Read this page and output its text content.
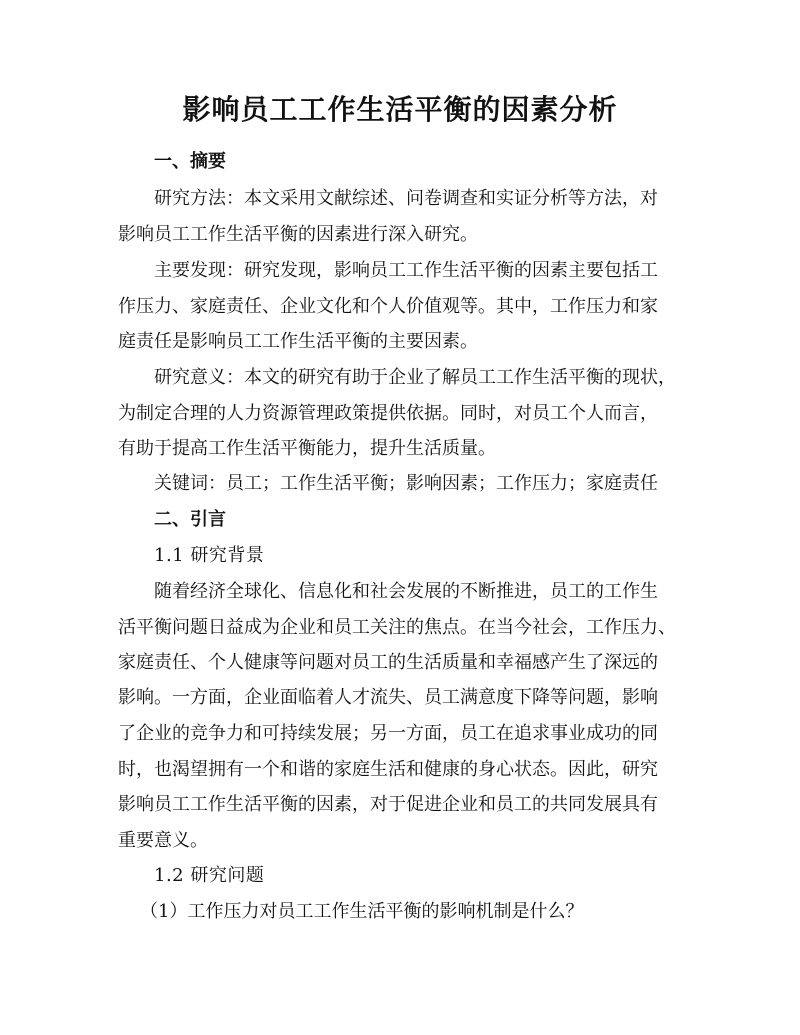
影响员工工作生活平衡的因素分析
一、摘要
研究方法：本文采用文献综述、问卷调查和实证分析等方法，对
影响员工工作生活平衡的因素进行深入研究。
主要发现：研究发现，影响员工工作生活平衡的因素主要包括工
作压力、家庭责任、企业文化和个人价值观等。其中，工作压力和家
庭责任是影响员工工作生活平衡的主要因素。
研究意义：本文的研究有助于企业了解员工工作生活平衡的现状，
为制定合理的人力资源管理政策提供依据。同时，对员工个人而言，
有助于提高工作生活平衡能力，提升生活质量。
关键词：员工；工作生活平衡；影响因素；工作压力；家庭责任
二、引言
1.1 研究背景
随着经济全球化、信息化和社会发展的不断推进，员工的工作生
活平衡问题日益成为企业和员工关注的焦点。在当今社会，工作压力、
家庭责任、个人健康等问题对员工的生活质量和幸福感产生了深远的
影响。一方面，企业面临着人才流失、员工满意度下降等问题，影响
了企业的竞争力和可持续发展；另一方面，员工在追求事业成功的同
时，也渴望拥有一个和谐的家庭生活和健康的身心状态。因此，研究
影响员工工作生活平衡的因素，对于促进企业和员工的共同发展具有
重要意义。
1.2 研究问题
（1）工作压力对员工工作生活平衡的影响机制是什么？
